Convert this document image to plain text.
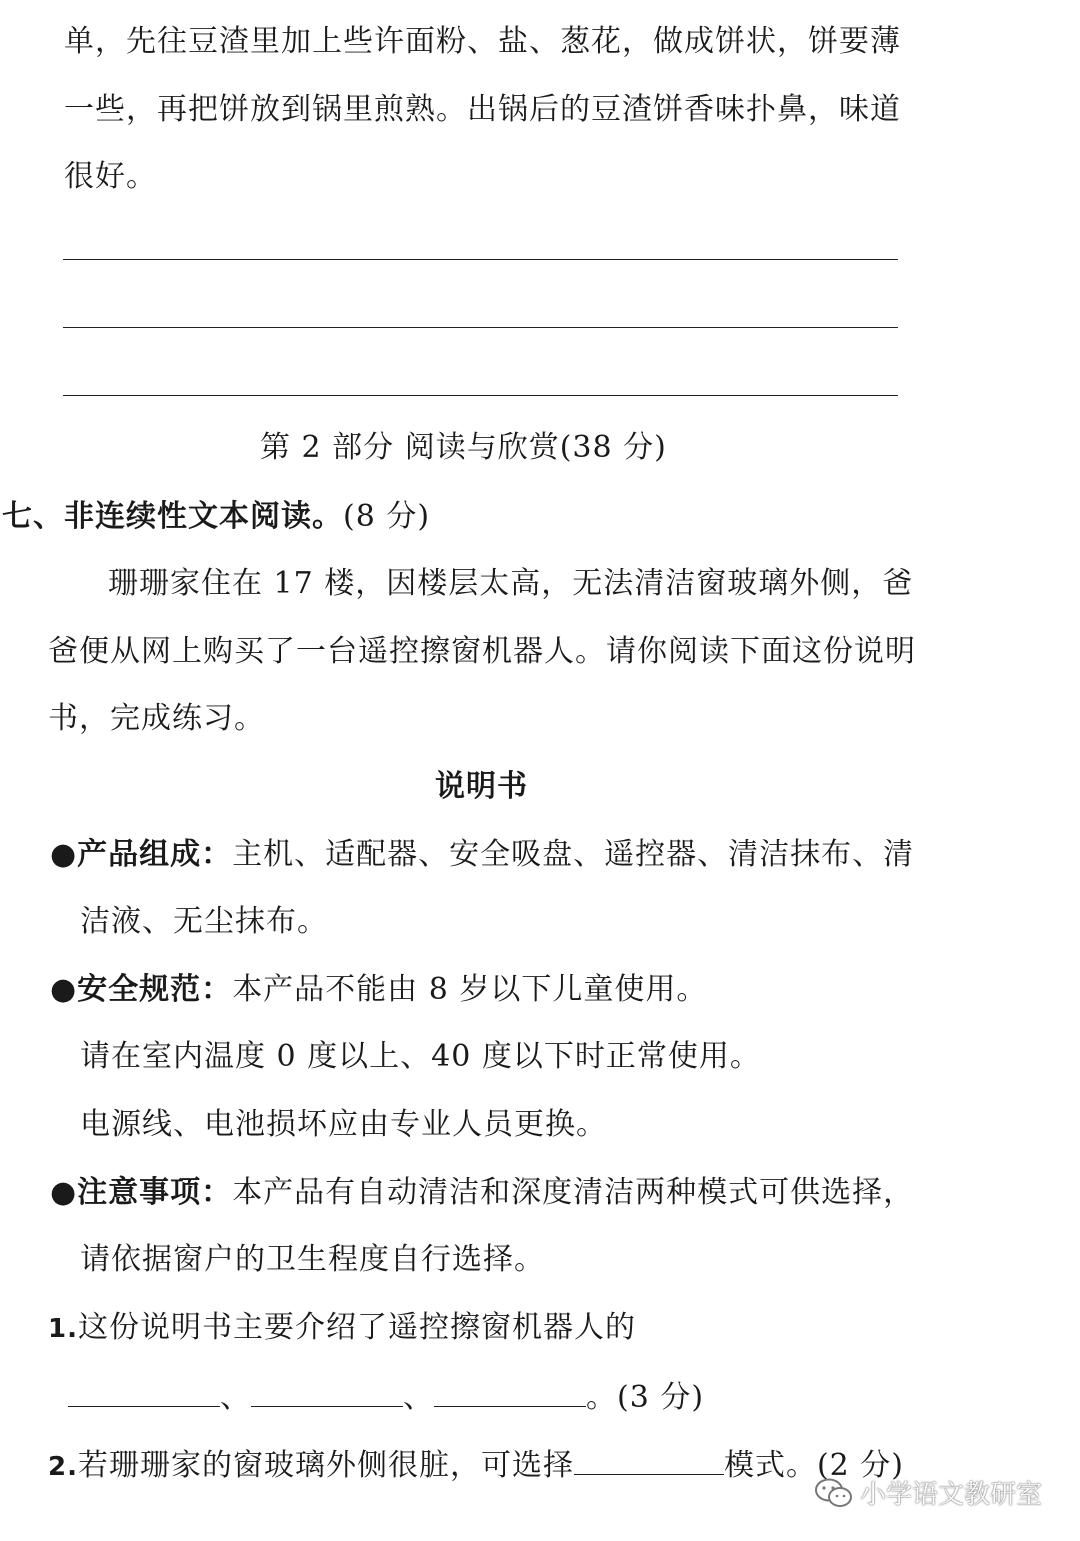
单，先往豆渣里加上些许面粉、盐、葱花，做成饼状，饼要薄
一些，再把饼放到锅里煎熟。出锅后的豆渣饼香味扑鼻，味道
很好。
第 2 部分 阅读与欣赏(38 分)
七、非连续性文本阅读。(8 分)
珊珊家住在 17 楼，因楼层太高，无法清洁窗玻璃外侧，爸
爸便从网上购买了一台遥控擦窗机器人。请你阅读下面这份说明
书，完成练习。
说明书
●产品组成：主机、适配器、安全吸盘、遥控器、清洁抹布、清
洁液、无尘抹布。
●安全规范：本产品不能由 8 岁以下儿童使用。
请在室内温度 0 度以上、40 度以下时正常使用。
电源线、电池损坏应由专业人员更换。
●注意事项：本产品有自动清洁和深度清洁两种模式可供选择，
请依据窗户的卫生程度自行选择。
1.这份说明书主要介绍了遥控擦窗机器人的
、	、	。(3 分)
2.若珊珊家的窗玻璃外侧很脏，可选择	模式。(2 分)
小学语文教研室
